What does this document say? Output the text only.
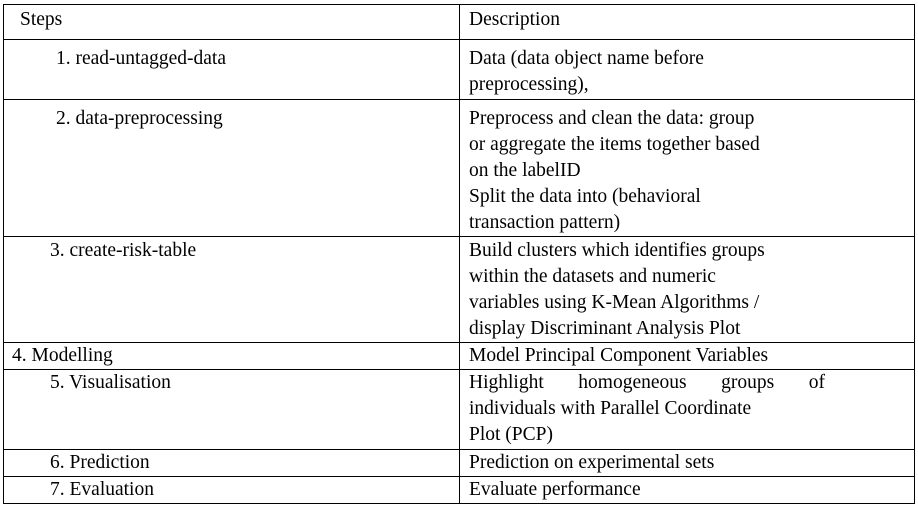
Steps	Description

1. read-untagged-data	Data (data object name before
preprocessing),

2. data-preprocessing	Preprocess and clean the data: group
or aggregate the items together based
on the labelID
Split the data into (behavioral
transaction pattern)

3. create-risk-table	Build clusters which identifies groups
within the datasets and numeric
variables using K-Mean Algorithms /
display Discriminant Analysis Plot

4. Modelling	Model Principal Component Variables

5. Visualisation	Highlight homogeneous groups of
individuals with Parallel Coordinate
Plot (PCP)

6. Prediction	Prediction on experimental sets

7. Evaluation	Evaluate performance
